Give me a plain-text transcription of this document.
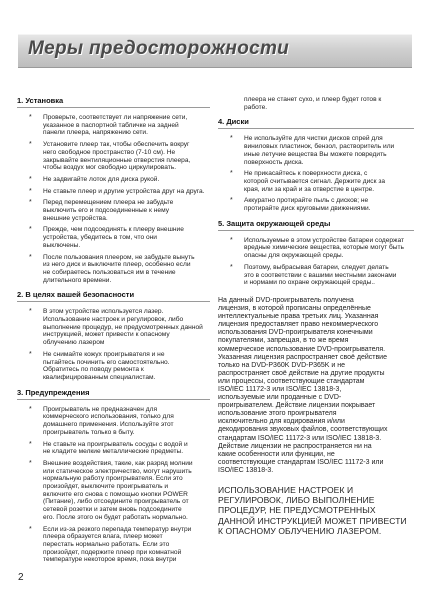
Меры предосторожности
1. Установка
* Проверьте, соответствует ли напряжение сети,
указанное в паспортной табличке на задней
панели плеера, напряжению сети.
* Установите плеер так, чтобы обеспечить вокруг
него свободное пространство (7-10 см). Не
закрывайте вентиляционные отверстия плеера,
чтобы воздух мог свободно циркулировать.
* Не задвигайте лоток для диска рукой.
* Не ставьте плеер и другие устройства друг на друга.
* Перед перемещением плеера не забудьте
выключить его и подсоединенные к нему
внешние устройства.
* Прежде, чем подсоединять к плееру внешние
устройства, убедитесь в том, что они
выключены.
* После пользования плеером, не забудьте вынуть
из него диск и выключите плеер, особенно если
не собираетесь пользоваться им в течение
длительного времени.
2. В целях вашей безопасности
* В этом устройстве используется лазер.
Использование настроек и регулировок, либо
выполнение процедур, не предусмотренных данной
инструкцией, может привести к опасному
облучению лазером
* Не снимайте кожух проигрывателя и не
пытайтесь починить его самостоятельно.
Обратитесь по поводу ремонта к
квалифицированным специалистам.
3. Предупреждения
* Проигрыватель не предназначен для
коммерческого использования, только для
домашнего применения. Используйте этот
проигрыватель только в быту.
* Не ставьте на проигрыватель сосуды с водой и
не кладите мелкие металлические предметы.
* Внешние воздействия, такие, как разряд молнии
или статическое электричество, могут нарушить
нормальную работу проигрывателя. Если это
произойдет, выключите проигрыватель и
включите его снова с помощью кнопки POWER
(Питание), либо отсоедините проигрыватель от
сетевой розетки и затем вновь подсоедините
его. После этого он будет работать нормально.
* Если из-за резкого перепада температур внутри
плеера образуется влага, плеер может
перестать нормально работать. Если это
произойдет, подержите плеер при комнатной
температуре некоторое время, пока внутри
плеера не станет сухо, и плеер будет готов к
работе.
4. Диски
* Не используйте для чистки дисков спрей для
виниловых пластинок, бензол, растворитель или
иные летучие вещества Вы можете повредить
поверхность диска.
* Не прикасайтесь к поверхности диска, с
которой считывается сигнал. Держите диск за
края, или за край и за отверстие в центре.
* Аккуратно протирайте пыль с дисков; не
протирайте диск круговыми движениями.
5. Защита окружающей среды
* Используемые в этом устройстве батареи содержат
вредные химические вещества, которые могут быть
опасны для окружающей среды.
* Поэтому, выбрасывая батареи, следует делать
это в соответствии с вашими местными законами
и нормами по охране окружающей среды..
На данный DVD-проигрыватель получена
лицензия, в которой прописаны определённые
интеллектуальные права третьих лиц. Указанная
лицензия предоставляет право некоммерческого
использования DVD-проигрывателя конечными
покупателями, запрещая, в то же время
коммерческое использование DVD-проигрывателя.
Указанная лицензия распространяет своё действие
только на DVD-P360K DVD-P365K и не
распространяет своё действие на другие продукты
или процессы, соответствующие стандартам
ISO/IEC 11172-3 или ISO/IEC 13818-3,
используемые или проданные с DVD-
проигрывателем. Действие лицензии покрывает
использование этого проигрывателя
исключительно для кодирования и/или
декодирования звуковых файлов, соответствующих
стандартам ISO/IEC 11172-3 или ISO/IEC 13818-3.
Действие лицензии не распространяется ни на
какие особенности или функции, не
соответствующие стандартам ISO/IEC 11172-3 или
ISO/IEC 13818-3.
ИСПОЛЬЗОВАНИЕ НАСТРОЕК И
РЕГУЛИРОВОК, ЛИБО ВЫПОЛНЕНИЕ
ПРОЦЕДУР, НЕ ПРЕДУСМОТРЕННЫХ
ДАННОЙ ИНСТРУКЦИЕЙ МОЖЕТ ПРИВЕСТИ
К ОПАСНОМУ ОБЛУЧЕНИЮ ЛАЗЕРОМ.
2
